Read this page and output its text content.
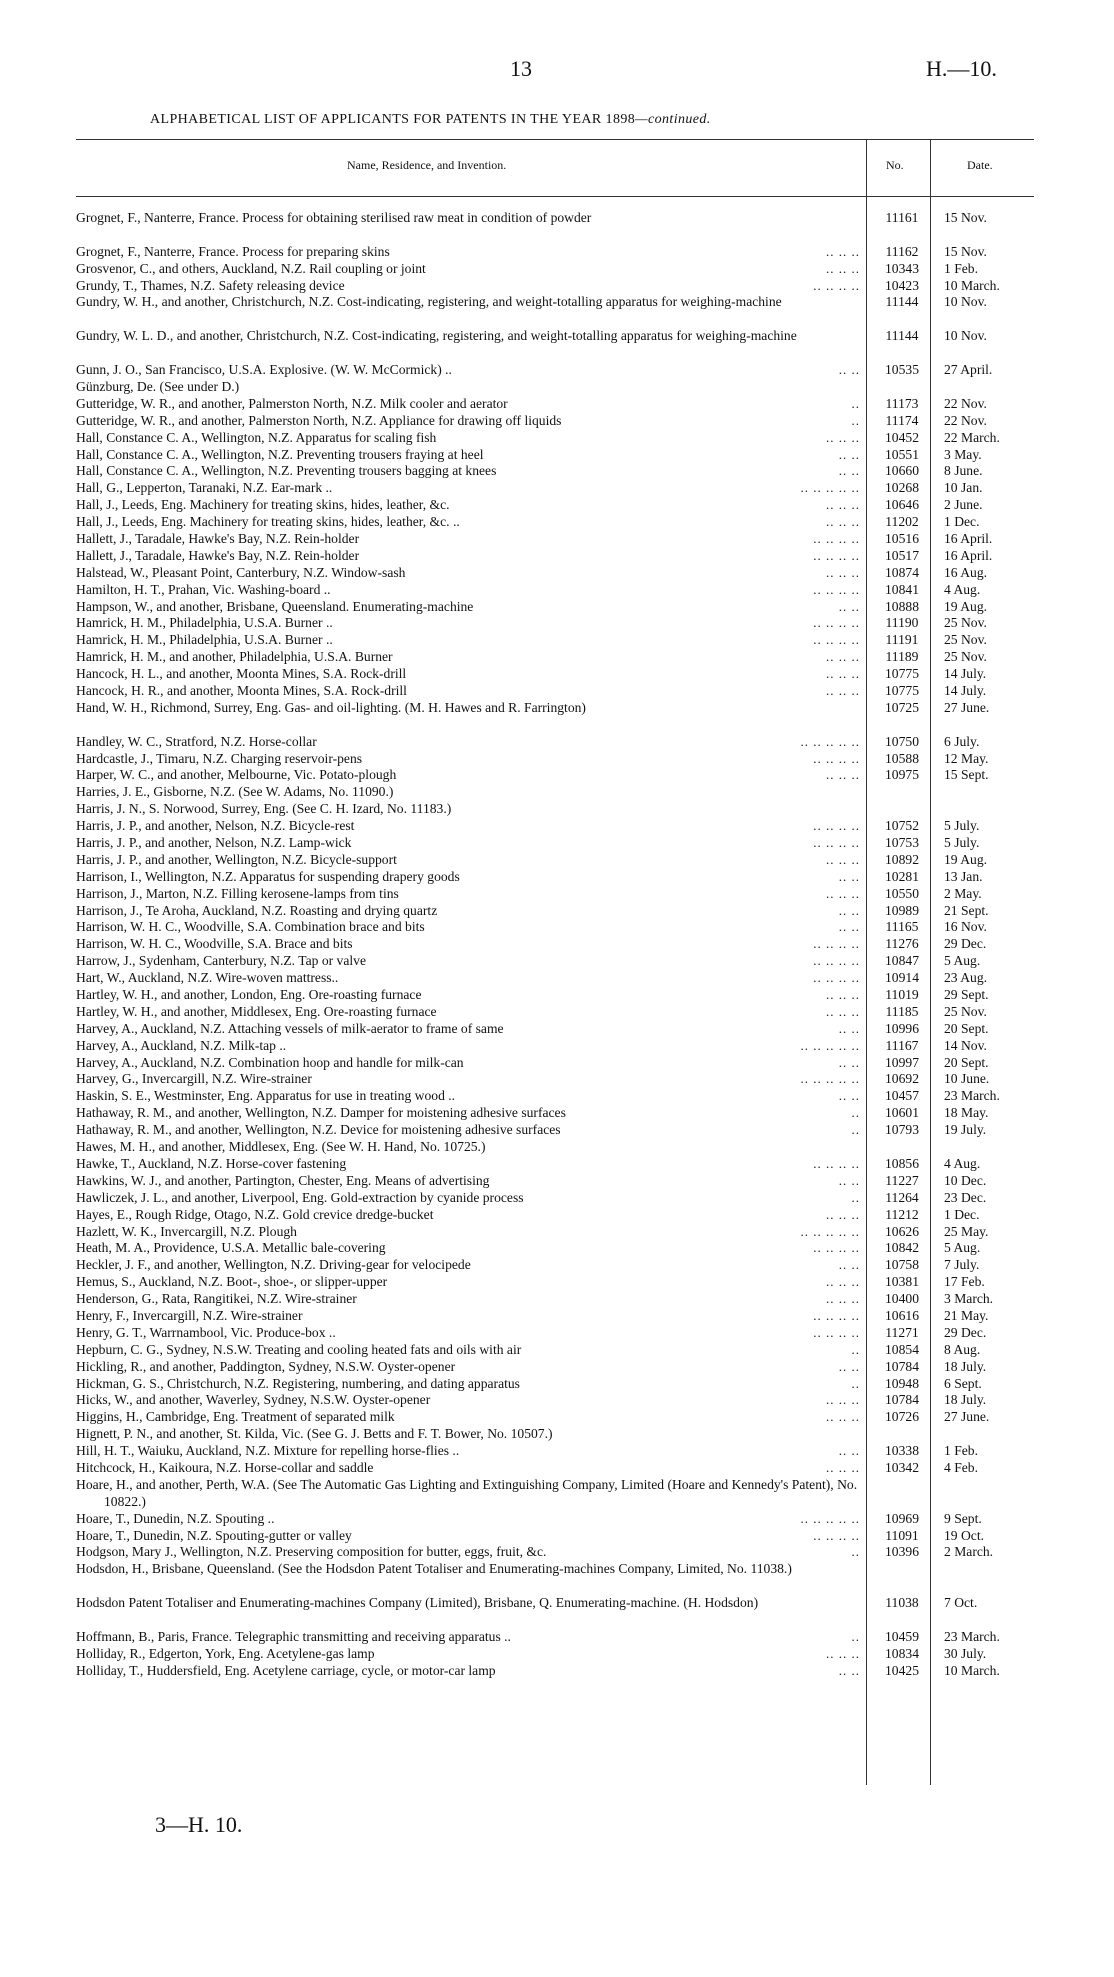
13	H.—10.
ALPHABETICAL LIST OF APPLICANTS FOR PATENTS IN THE YEAR 1898—continued.
Name, Residence, and Invention.	No.	Date.
Grognet, F., Nanterre, France. Process for obtaining sterilised raw meat in condition of powder	11161	15 Nov.
Grognet, F., Nanterre, France. Process for preparing skins	.. .. ..	11162	15 Nov.
Grosvenor, C., and others, Auckland, N.Z. Rail coupling or joint	.. .. ..	10343	1 Feb.
Grundy, T., Thames, N.Z. Safety releasing device	.. .. .. ..	10423	10 March.
Gundry, W. H., and another, Christchurch, N.Z. Cost-indicating, registering, and weight-totalling apparatus for weighing-machine	11144	10 Nov.
Gundry, W. L. D., and another, Christchurch, N.Z. Cost-indicating, registering, and weight-totalling apparatus for weighing-machine	11144	10 Nov.
Gunn, J. O., San Francisco, U.S.A. Explosive. (W. W. McCormick) ..	.. ..	10535	27 April.
Günzburg, De. (See under D.)
Gutteridge, W. R., and another, Palmerston North, N.Z. Milk cooler and aerator	..	11173	22 Nov.
Gutteridge, W. R., and another, Palmerston North, N.Z. Appliance for drawing off liquids	..	11174	22 Nov.
Hall, Constance C. A., Wellington, N.Z. Apparatus for scaling fish	.. .. ..	10452	22 March.
Hall, Constance C. A., Wellington, N.Z. Preventing trousers fraying at heel	.. ..	10551	3 May.
Hall, Constance C. A., Wellington, N.Z. Preventing trousers bagging at knees	.. ..	10660	8 June.
Hall, G., Lepperton, Taranaki, N.Z. Ear-mark ..	.. .. .. .. ..	10268	10 Jan.
Hall, J., Leeds, Eng. Machinery for treating skins, hides, leather, &c.	.. .. ..	10646	2 June.
Hall, J., Leeds, Eng. Machinery for treating skins, hides, leather, &c. ..	.. .. ..	11202	1 Dec.
Hallett, J., Taradale, Hawke's Bay, N.Z. Rein-holder	.. .. .. ..	10516	16 April.
Hallett, J., Taradale, Hawke's Bay, N.Z. Rein-holder	.. .. .. ..	10517	16 April.
Halstead, W., Pleasant Point, Canterbury, N.Z. Window-sash	.. .. ..	10874	16 Aug.
Hamilton, H. T., Prahan, Vic. Washing-board ..	.. .. .. ..	10841	4 Aug.
Hampson, W., and another, Brisbane, Queensland. Enumerating-machine	.. ..	10888	19 Aug.
Hamrick, H. M., Philadelphia, U.S.A. Burner ..	.. .. .. ..	11190	25 Nov.
Hamrick, H. M., Philadelphia, U.S.A. Burner ..	.. .. .. ..	11191	25 Nov.
Hamrick, H. M., and another, Philadelphia, U.S.A. Burner	.. .. ..	11189	25 Nov.
Hancock, H. L., and another, Moonta Mines, S.A. Rock-drill	.. .. ..	10775	14 July.
Hancock, H. R., and another, Moonta Mines, S.A. Rock-drill	.. .. ..	10775	14 July.
Hand, W. H., Richmond, Surrey, Eng. Gas- and oil-lighting. (M. H. Hawes and R. Farrington)	10725	27 June.
Handley, W. C., Stratford, N.Z. Horse-collar	.. .. .. .. ..	10750	6 July.
Hardcastle, J., Timaru, N.Z. Charging reservoir-pens	.. .. .. ..	10588	12 May.
Harper, W. C., and another, Melbourne, Vic. Potato-plough	.. .. ..	10975	15 Sept.
Harries, J. E., Gisborne, N.Z. (See W. Adams, No. 11090.)
Harris, J. N., S. Norwood, Surrey, Eng. (See C. H. Izard, No. 11183.)
Harris, J. P., and another, Nelson, N.Z. Bicycle-rest	.. .. .. ..	10752	5 July.
Harris, J. P., and another, Nelson, N.Z. Lamp-wick	.. .. .. ..	10753	5 July.
Harris, J. P., and another, Wellington, N.Z. Bicycle-support	.. .. ..	10892	19 Aug.
Harrison, I., Wellington, N.Z. Apparatus for suspending drapery goods	.. ..	10281	13 Jan.
Harrison, J., Marton, N.Z. Filling kerosene-lamps from tins	.. .. ..	10550	2 May.
Harrison, J., Te Aroha, Auckland, N.Z. Roasting and drying quartz	.. ..	10989	21 Sept.
Harrison, W. H. C., Woodville, S.A. Combination brace and bits	.. ..	11165	16 Nov.
Harrison, W. H. C., Woodville, S.A. Brace and bits	.. .. .. ..	11276	29 Dec.
Harrow, J., Sydenham, Canterbury, N.Z. Tap or valve	.. .. .. ..	10847	5 Aug.
Hart, W., Auckland, N.Z. Wire-woven mattress..	.. .. .. ..	10914	23 Aug.
Hartley, W. H., and another, London, Eng. Ore-roasting furnace	.. .. ..	11019	29 Sept.
Hartley, W. H., and another, Middlesex, Eng. Ore-roasting furnace	.. .. ..	11185	25 Nov.
Harvey, A., Auckland, N.Z. Attaching vessels of milk-aerator to frame of same	.. ..	10996	20 Sept.
Harvey, A., Auckland, N.Z. Milk-tap ..	.. .. .. .. ..	11167	14 Nov.
Harvey, A., Auckland, N.Z. Combination hoop and handle for milk-can	.. ..	10997	20 Sept.
Harvey, G., Invercargill, N.Z. Wire-strainer	.. .. .. .. ..	10692	10 June.
Haskin, S. E., Westminster, Eng. Apparatus for use in treating wood ..	.. ..	10457	23 March.
Hathaway, R. M., and another, Wellington, N.Z. Damper for moistening adhesive surfaces	..	10601	18 May.
Hathaway, R. M., and another, Wellington, N.Z. Device for moistening adhesive surfaces	..	10793	19 July.
Hawes, M. H., and another, Middlesex, Eng. (See W. H. Hand, No. 10725.)
Hawke, T., Auckland, N.Z. Horse-cover fastening	.. .. .. ..	10856	4 Aug.
Hawkins, W. J., and another, Partington, Chester, Eng. Means of advertising	.. ..	11227	10 Dec.
Hawliczek, J. L., and another, Liverpool, Eng. Gold-extraction by cyanide process	..	11264	23 Dec.
Hayes, E., Rough Ridge, Otago, N.Z. Gold crevice dredge-bucket	.. .. ..	11212	1 Dec.
Hazlett, W. K., Invercargill, N.Z. Plough	.. .. .. .. ..	10626	25 May.
Heath, M. A., Providence, U.S.A. Metallic bale-covering	.. .. .. ..	10842	5 Aug.
Heckler, J. F., and another, Wellington, N.Z. Driving-gear for velocipede	.. ..	10758	7 July.
Hemus, S., Auckland, N.Z. Boot-, shoe-, or slipper-upper	.. .. ..	10381	17 Feb.
Henderson, G., Rata, Rangitikei, N.Z. Wire-strainer	.. .. ..	10400	3 March.
Henry, F., Invercargill, N.Z. Wire-strainer	.. .. .. ..	10616	21 May.
Henry, G. T., Warrnambool, Vic. Produce-box ..	.. .. .. ..	11271	29 Dec.
Hepburn, C. G., Sydney, N.S.W. Treating and cooling heated fats and oils with air	..	10854	8 Aug.
Hickling, R., and another, Paddington, Sydney, N.S.W. Oyster-opener	.. ..	10784	18 July.
Hickman, G. S., Christchurch, N.Z. Registering, numbering, and dating apparatus	..	10948	6 Sept.
Hicks, W., and another, Waverley, Sydney, N.S.W. Oyster-opener	.. .. ..	10784	18 July.
Higgins, H., Cambridge, Eng. Treatment of separated milk	.. .. ..	10726	27 June.
Hignett, P. N., and another, St. Kilda, Vic. (See G. J. Betts and F. T. Bower, No. 10507.)
Hill, H. T., Waiuku, Auckland, N.Z. Mixture for repelling horse-flies ..	.. ..	10338	1 Feb.
Hitchcock, H., Kaikoura, N.Z. Horse-collar and saddle	.. .. ..	10342	4 Feb.
Hoare, H., and another, Perth, W.A. (See The Automatic Gas Lighting and Extinguishing Company, Limited (Hoare and Kennedy's Patent), No. 10822.)
Hoare, T., Dunedin, N.Z. Spouting ..	.. .. .. .. ..	10969	9 Sept.
Hoare, T., Dunedin, N.Z. Spouting-gutter or valley	.. .. .. ..	11091	19 Oct.
Hodgson, Mary J., Wellington, N.Z. Preserving composition for butter, eggs, fruit, &c.	..	10396	2 March.
Hodsdon, H., Brisbane, Queensland. (See the Hodsdon Patent Totaliser and Enumerating-machines Company, Limited, No. 11038.)
Hodsdon Patent Totaliser and Enumerating-machines Company (Limited), Brisbane, Q. Enumerating-machine. (H. Hodsdon)	11038	7 Oct.
Hoffmann, B., Paris, France. Telegraphic transmitting and receiving apparatus ..	..	10459	23 March.
Holliday, R., Edgerton, York, Eng. Acetylene-gas lamp	.. .. ..	10834	30 July.
Holliday, T., Huddersfield, Eng. Acetylene carriage, cycle, or motor-car lamp	.. ..	10425	10 March.
3—H. 10.
